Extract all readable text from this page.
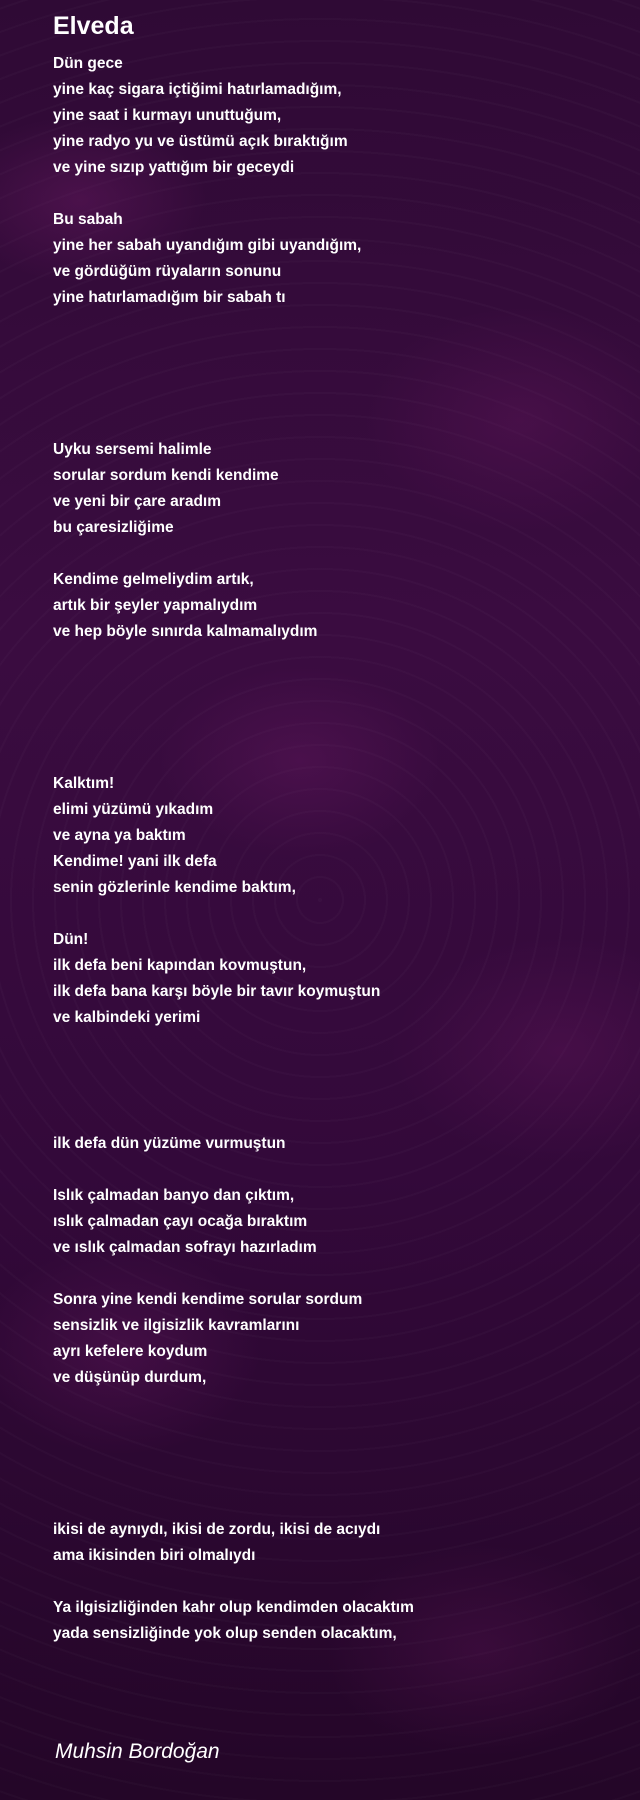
Elveda
Dün gece
yine kaç sigara içtiğimi hatırlamadığım,
yine saat i kurmayı unuttuğum,
yine radyo yu ve üstümü açık bıraktığım
ve yine sızıp yattığım bir geceydi
Bu sabah
yine her sabah uyandığım gibi uyandığım,
ve gördüğüm rüyaların sonunu
yine hatırlamadığım bir sabah tı
Uyku sersemi halimle
sorular sordum kendi kendime
ve yeni bir çare aradım
bu çaresizliğime
Kendime gelmeliydim artık,
artık bir şeyler yapmalıydım
ve hep böyle sınırda kalmamalıydım
Kalktım!
elimi yüzümü yıkadım
ve ayna ya baktım
Kendime! yani ilk defa
senin gözlerinle kendime baktım,
Dün!
ilk defa beni kapından kovmuştun,
ilk defa bana karşı böyle bir tavır koymuştun
ve kalbindeki yerimi
ilk defa dün yüzüme vurmuştun
Islık çalmadan banyo dan çıktım,
ıslık çalmadan çayı ocağa bıraktım
ve ıslık çalmadan sofrayı hazırladım
Sonra yine kendi kendime sorular sordum
sensizlik ve ilgisizlik kavramlarını
ayrı kefelere koydum
ve düşünüp durdum,
ikisi de aynıydı, ikisi de zordu, ikisi de acıydı
ama ikisinden biri olmalıydı
Ya ilgisizliğinden kahr olup kendimden olacaktım
yada sensizliğinde yok olup senden olacaktım,
Muhsin Bordoğan
